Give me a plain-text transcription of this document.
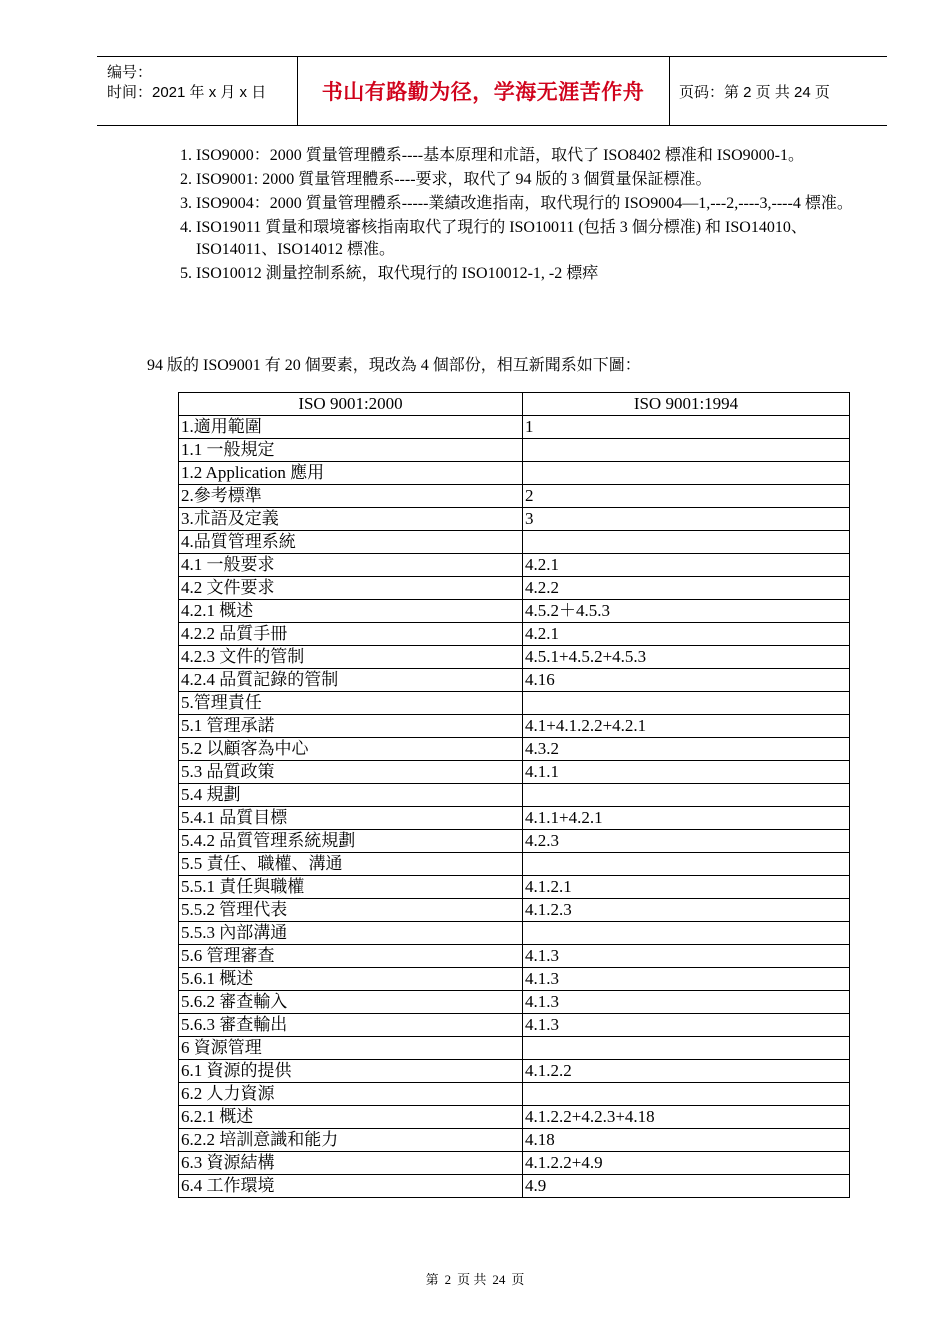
编号：
时间：2021 年 x 月 x 日	书山有路勤为径，学海无涯苦作舟 页码：第 2 页 共 24 页
1. ISO9000：2000 質量管理體系----基本原理和朮語，取代了 ISO8402 標准和 ISO9000-1。
2. ISO9001: 2000 質量管理體系----要求，取代了 94 版的 3 個質量保証標准。
3. ISO9004：2000 質量管理體系-----業績改進指南，取代現行的 ISO9004—1,---2,----3,----4 標准。
4. ISO19011 質量和環境審核指南取代了現行的 ISO10011 (包括 3 個分標准) 和 ISO14010、ISO14011、ISO14012 標准。
5. ISO10012 測量控制系統，取代現行的 ISO10012-1, -2 標瘁
94 版的 ISO9001 有 20 個要素，現改為 4 個部份，相互新聞系如下圖：
ISO 9001:2000	ISO 9001:1994
1.適用範圍	1
1.1 一般規定	
1.2 Application 應用	
2.參考標準	2
3.朮語及定義	3
4.品質管理系統	
4.1 一般要求	4.2.1
4.2 文件要求	4.2.2
4.2.1 概述	4.5.2＋4.5.3
4.2.2 品質手冊	4.2.1
4.2.3 文件的管制	4.5.1+4.5.2+4.5.3
4.2.4 品質記錄的管制	4.16
5.管理責任	
5.1 管理承諾	4.1+4.1.2.2+4.2.1
5.2 以顧客為中心	4.3.2
5.3 品質政策	4.1.1
5.4 規劃	
5.4.1 品質目標	4.1.1+4.2.1
5.4.2 品質管理系統規劃	4.2.3
5.5 責任、職權、溝通	
5.5.1 責任與職權	4.1.2.1
5.5.2 管理代表	4.1.2.3
5.5.3 內部溝通	
5.6 管理審查	4.1.3
5.6.1 概述	4.1.3
5.6.2 審查輸入	4.1.3
5.6.3 審查輸出	4.1.3
6 資源管理	
6.1 資源的提供	4.1.2.2
6.2 人力資源	
6.2.1 概述	4.1.2.2+4.2.3+4.18
6.2.2 培訓意識和能力	4.18
6.3 資源結構	4.1.2.2+4.9
6.4 工作環境	4.9
第 2 页 共 24 页
